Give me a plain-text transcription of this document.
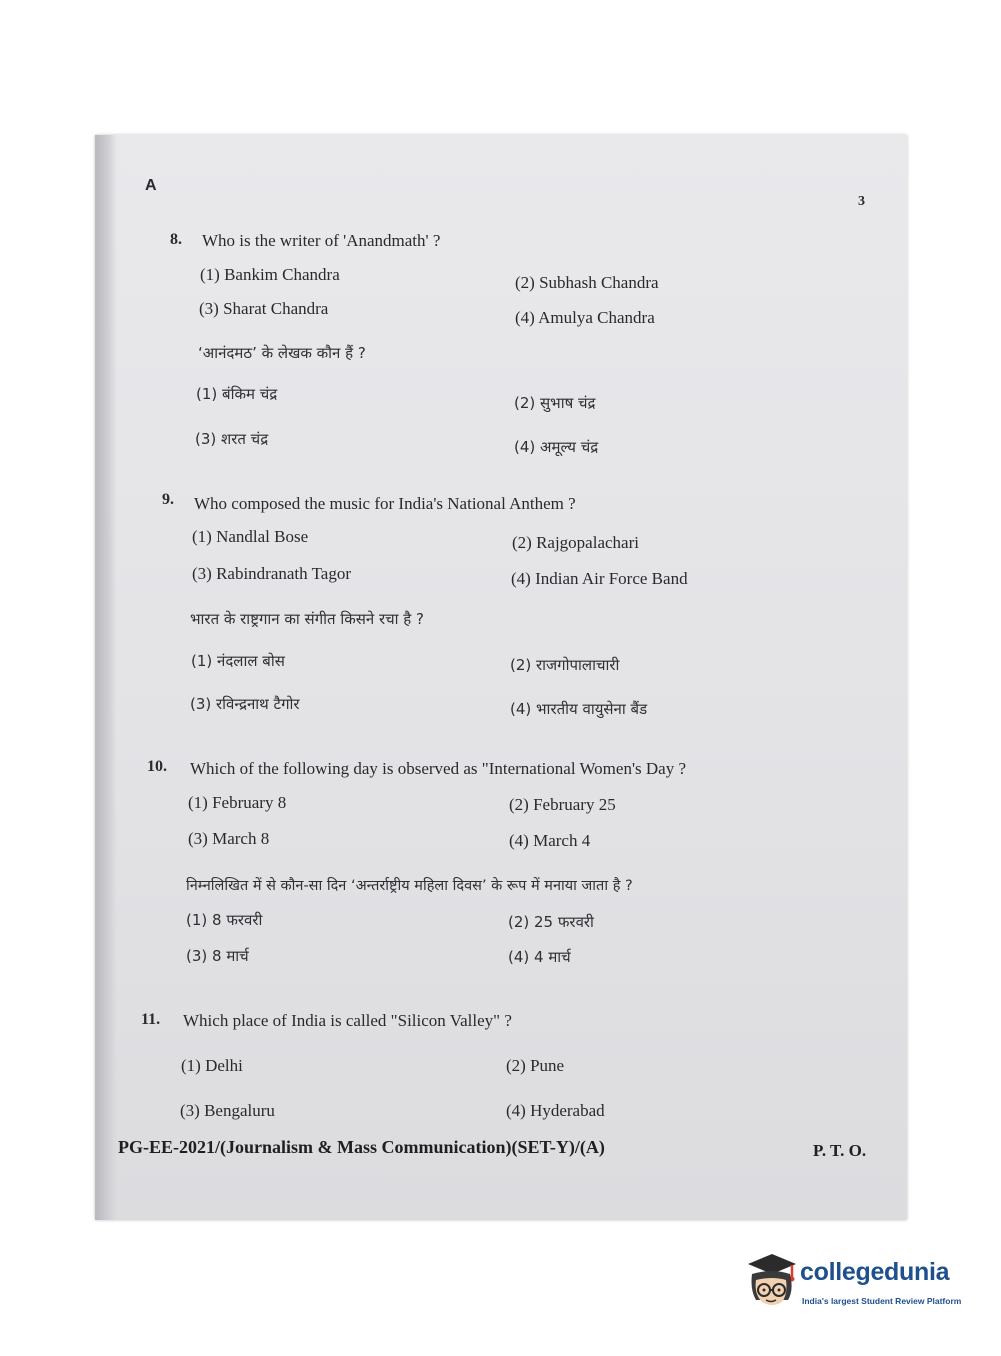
A
3
8. Who is the writer of 'Anandmath' ?
(1) Bankim Chandra	(2) Subhash Chandra
(3) Sharat Chandra	(4) Amulya Chandra
‘आनंदमठ’ के लेखक कौन हैं ?
(1) बंकिम चंद्र	(2) सुभाष चंद्र
(3) शरत चंद्र	(4) अमूल्य चंद्र
9. Who composed the music for India's National Anthem ?
(1) Nandlal Bose	(2) Rajgopalachari
(3) Rabindranath Tagor	(4) Indian Air Force Band
भारत के राष्ट्रगान का संगीत किसने रचा है ?
(1) नंदलाल बोस	(2) राजगोपालाचारी
(3) रविन्द्रनाथ टैगोर	(4) भारतीय वायुसेना बैंड
10. Which of the following day is observed as "International Women's Day ?
(1) February 8	(2) February 25
(3) March 8	(4) March 4
निम्नलिखित में से कौन-सा दिन ‘अन्तर्राष्ट्रीय महिला दिवस’ के रूप में मनाया जाता है ?
(1) 8 फरवरी	(2) 25 फरवरी
(3) 8 मार्च	(4) 4 मार्च
11. Which place of India is called "Silicon Valley" ?
(1) Delhi	(2) Pune
(3) Bengaluru	(4) Hyderabad
PG-EE-2021/(Journalism & Mass Communication)(SET-Y)/(A)	P. T. O.
collegedunia
India's largest Student Review Platform
